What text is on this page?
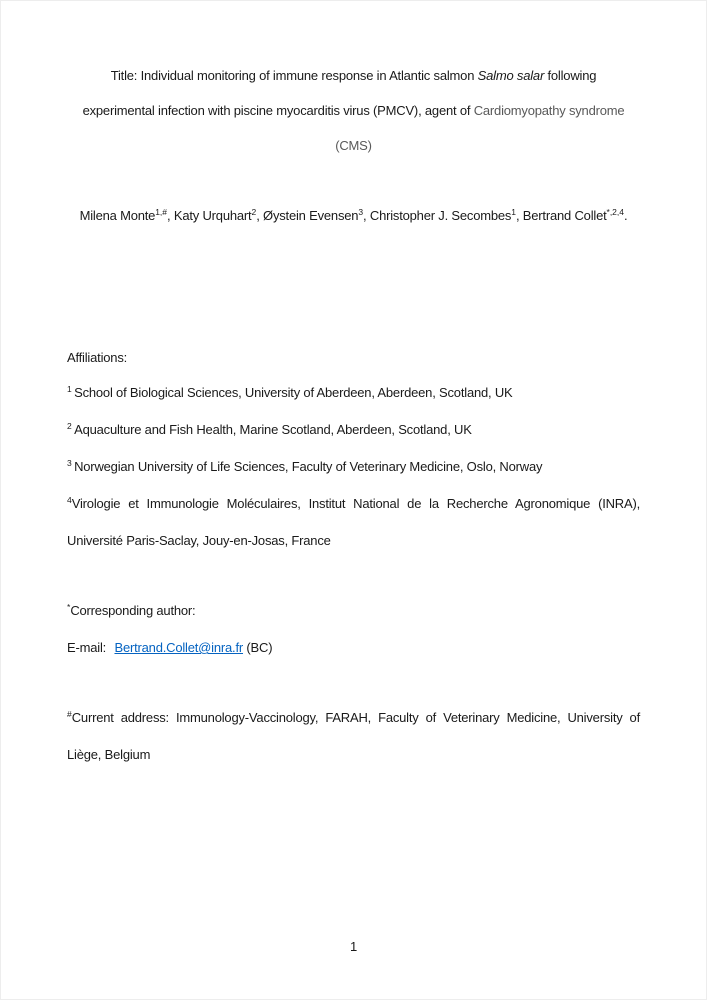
Title: Individual monitoring of immune response in Atlantic salmon Salmo salar following
experimental infection with piscine myocarditis virus (PMCV), agent of Cardiomyopathy syndrome
(CMS)
Milena Monte$^{1,\#}$, Katy Urquhart$^2$, Øystein Evensen$^3$, Christopher J. Secombes$^1$, Bertrand Collet$^{*,2,4}$.
Affiliations:
$^1$ School of Biological Sciences, University of Aberdeen, Aberdeen, Scotland, UK
$^2$ Aquaculture and Fish Health, Marine Scotland, Aberdeen, Scotland, UK
$^3$ Norwegian University of Life Sciences, Faculty of Veterinary Medicine, Oslo, Norway
$^4$Virologie et Immunologie Moléculaires, Institut National de la Recherche Agronomique (INRA),
Université Paris-Saclay, Jouy-en-Josas, France
*Corresponding author:
E-mail: Bertrand.Collet@inra.fr (BC)
#Current address: Immunology-Vaccinology, FARAH, Faculty of Veterinary Medicine, University of
Liège, Belgium
1
